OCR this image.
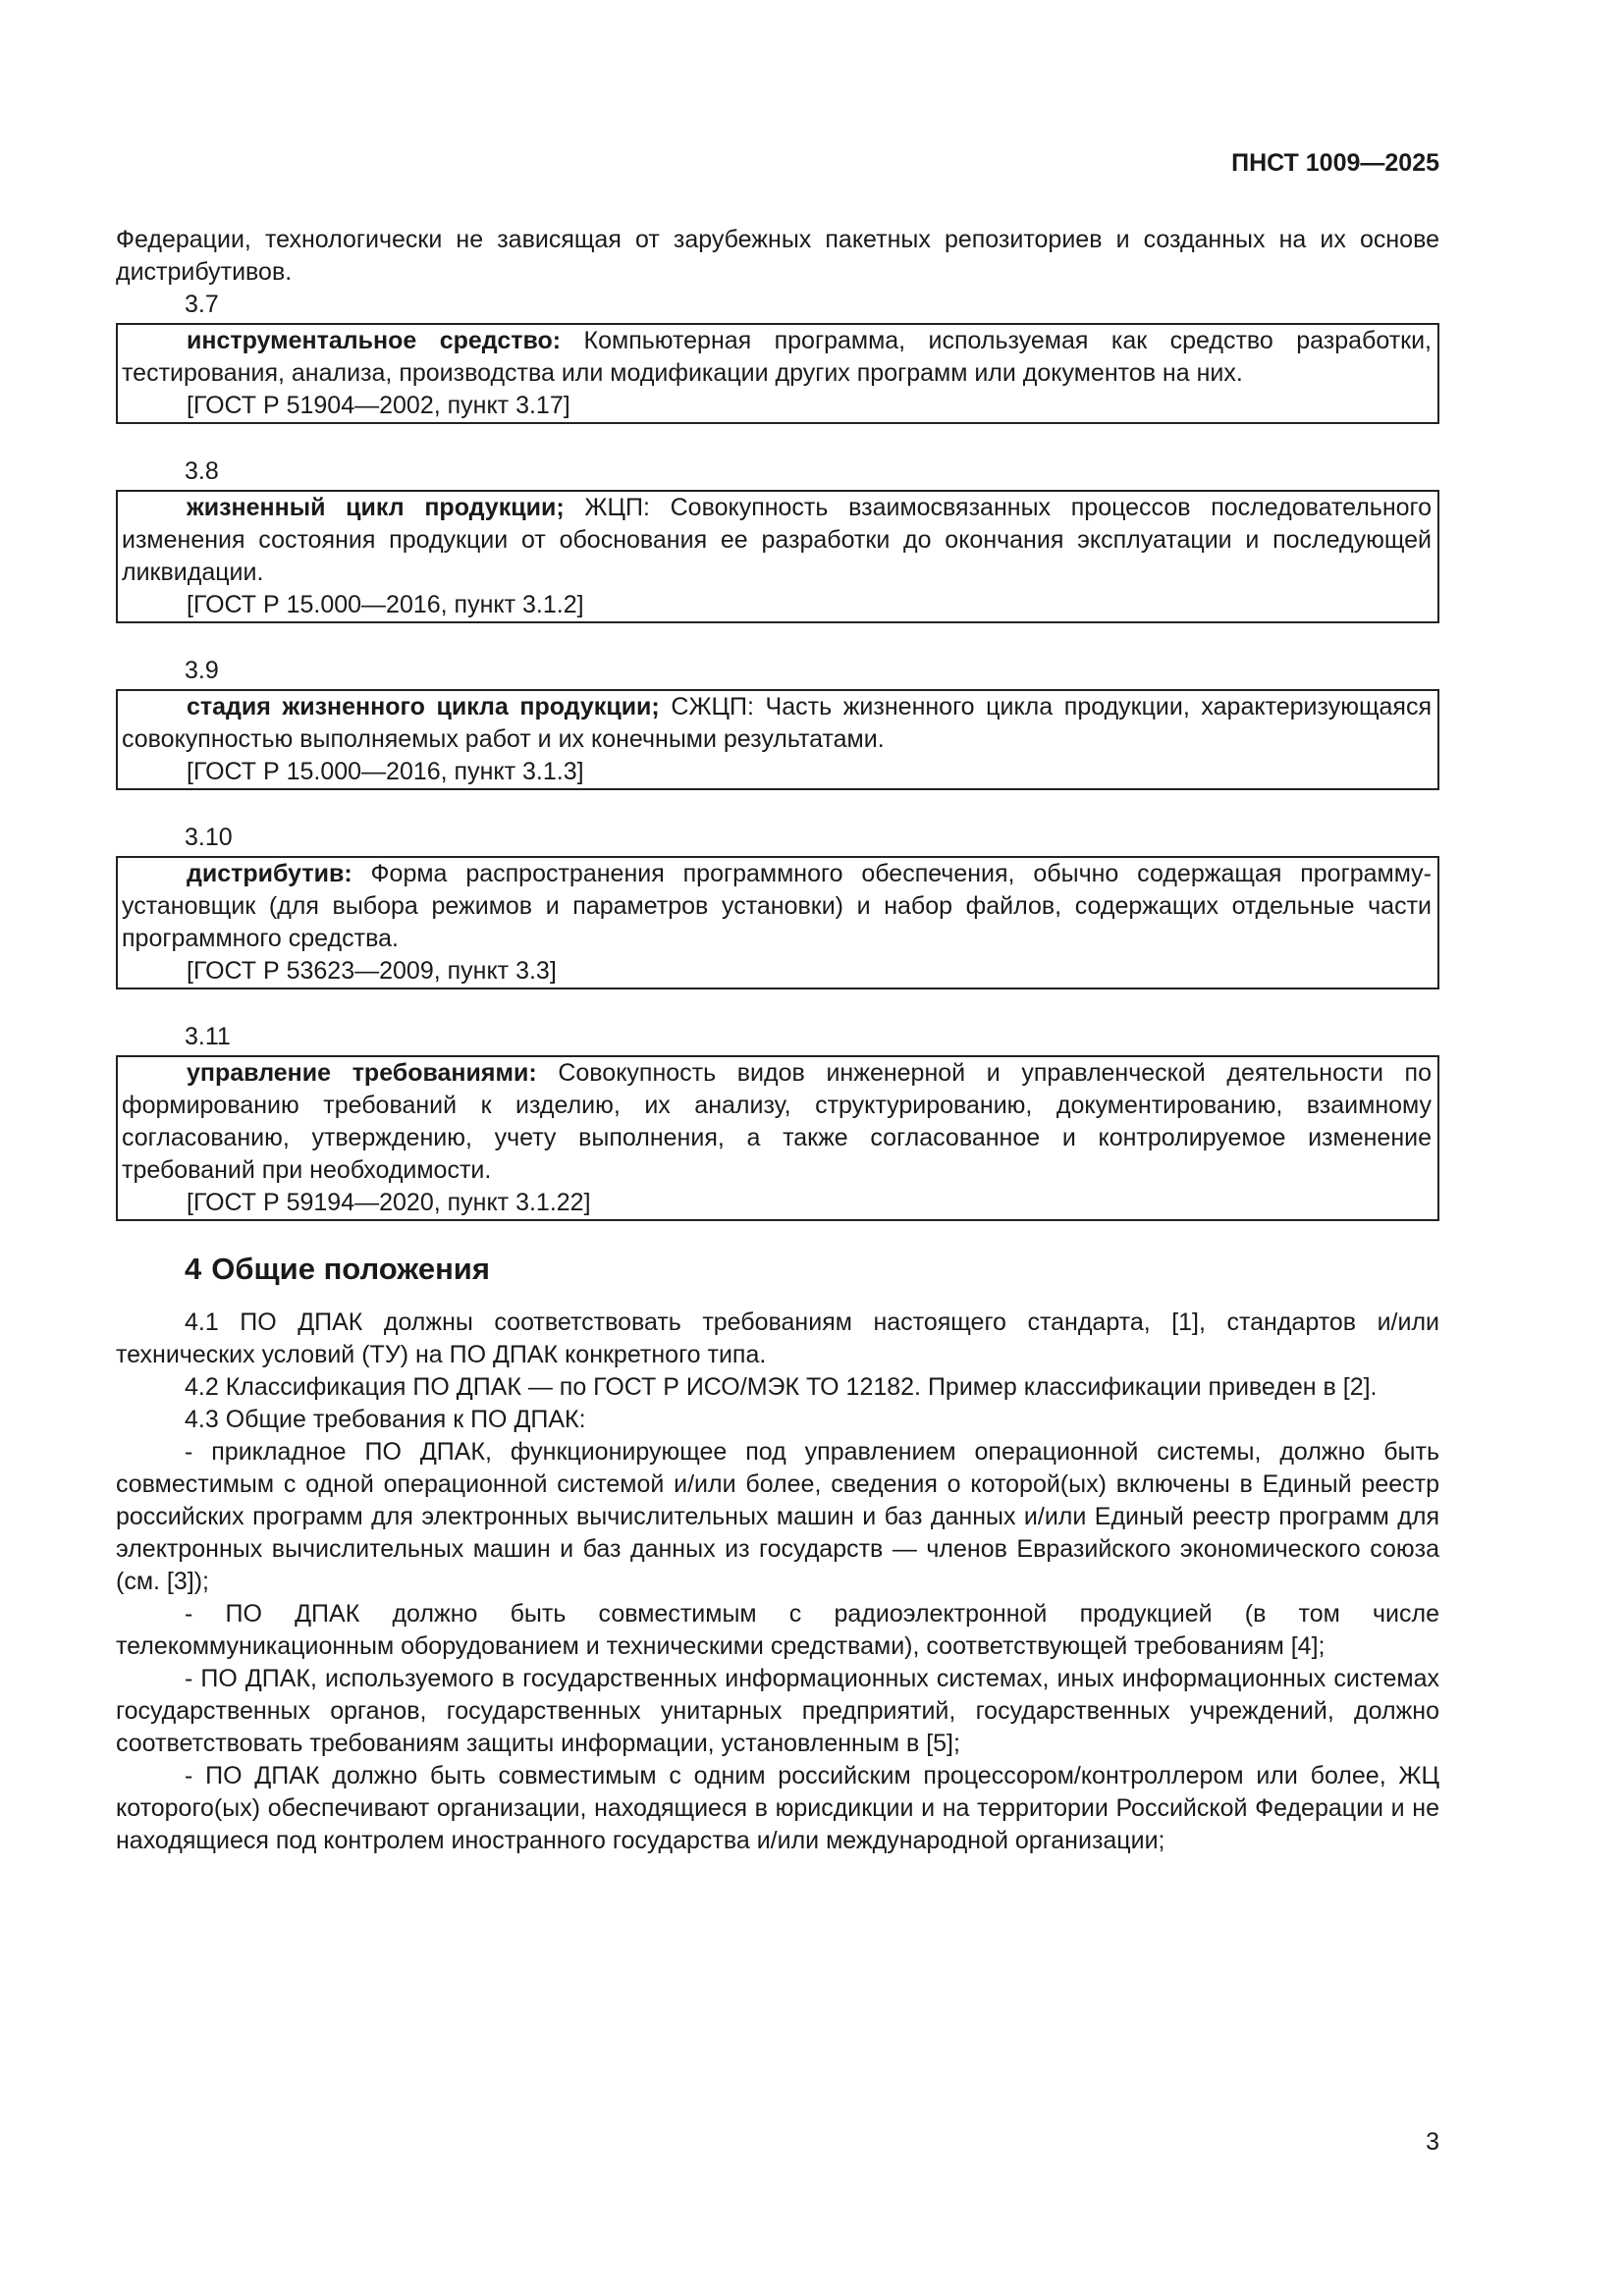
ПНСТ 1009—2025

Федерации, технологически не зависящая от зарубежных пакетных репозиториев и созданных на их основе дистрибутивов.

3.7

инструментальное средство: Компьютерная программа, используемая как средство разработки, тестирования, анализа, производства или модификации других программ или документов на них.

[ГОСТ Р 51904—2002, пункт 3.17]

3.8

жизненный цикл продукции; ЖЦП: Совокупность взаимосвязанных процессов последовательного изменения состояния продукции от обоснования ее разработки до окончания эксплуатации и последующей ликвидации.

[ГОСТ Р 15.000—2016, пункт 3.1.2]

3.9

стадия жизненного цикла продукции; СЖЦП: Часть жизненного цикла продукции, характеризующаяся совокупностью выполняемых работ и их конечными результатами.

[ГОСТ Р 15.000—2016, пункт 3.1.3]

3.10

дистрибутив: Форма распространения программного обеспечения, обычно содержащая программу-установщик (для выбора режимов и параметров установки) и набор файлов, содержащих отдельные части программного средства.

[ГОСТ Р 53623—2009, пункт 3.3]

3.11

управление требованиями: Совокупность видов инженерной и управленческой деятельности по формированию требований к изделию, их анализу, структурированию, документированию, взаимному согласованию, утверждению, учету выполнения, а также согласованное и контролируемое изменение требований при необходимости.

[ГОСТ Р 59194—2020, пункт 3.1.22]

4 Общие положения

4.1 ПО ДПАК должны соответствовать требованиям настоящего стандарта, [1], стандартов и/или технических условий (ТУ) на ПО ДПАК конкретного типа.

4.2 Классификация ПО ДПАК — по ГОСТ Р ИСО/МЭК ТО 12182. Пример классификации приведен в [2].

4.3 Общие требования к ПО ДПАК:

- прикладное ПО ДПАК, функционирующее под управлением операционной системы, должно быть совместимым с одной операционной системой и/или более, сведения о которой(ых) включены в Единый реестр российских программ для электронных вычислительных машин и баз данных и/или Единый реестр программ для электронных вычислительных машин и баз данных из государств — членов Евразийского экономического союза (см. [3]);

- ПО ДПАК должно быть совместимым с радиоэлектронной продукцией (в том числе телекоммуникационным оборудованием и техническими средствами), соответствующей требованиям [4];

- ПО ДПАК, используемого в государственных информационных системах, иных информационных системах государственных органов, государственных унитарных предприятий, государственных учреждений, должно соответствовать требованиям защиты информации, установленным в [5];

- ПО ДПАК должно быть совместимым с одним российским процессором/контроллером или более, ЖЦ которого(ых) обеспечивают организации, находящиеся в юрисдикции и на территории Российской Федерации и не находящиеся под контролем иностранного государства и/или международной организации;

3
